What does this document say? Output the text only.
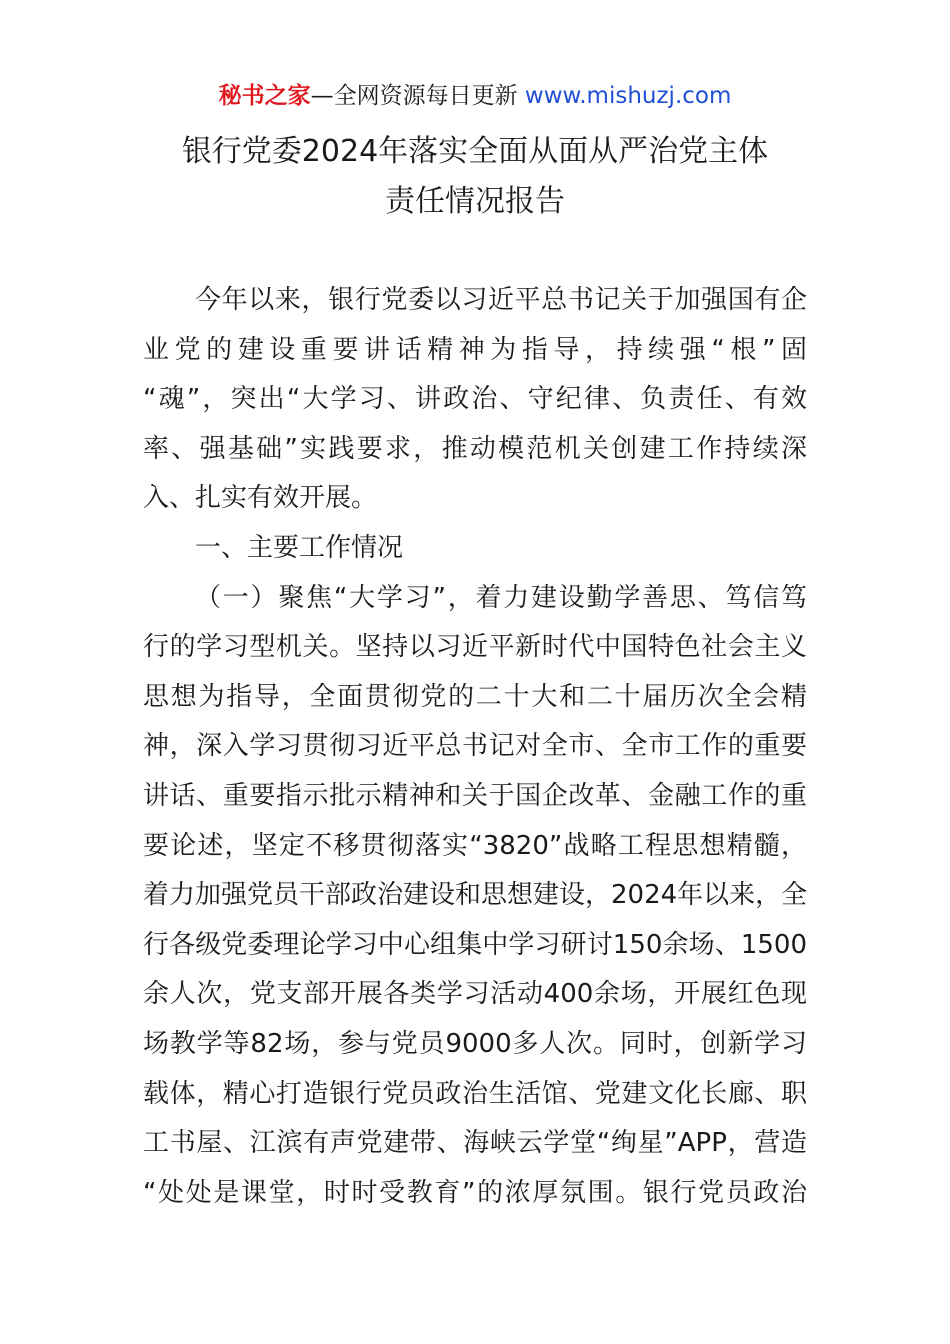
秘书之家—全网资源每日更新 www.mishuzj.com
银行党委2024年落实全面从面从严治党主体
责任情况报告
今年以来，银行党委以习近平总书记关于加强国有企
业党的建设重要讲话精神为指导，持续强“根”固
“魂”，突出“大学习、讲政治、守纪律、负责任、有效
率、强基础”实践要求，推动模范机关创建工作持续深
入、扎实有效开展。
一、主要工作情况
（一）聚焦“大学习”，着力建设勤学善思、笃信笃
行的学习型机关。坚持以习近平新时代中国特色社会主义
思想为指导，全面贯彻党的二十大和二十届历次全会精
神，深入学习贯彻习近平总书记对全市、全市工作的重要
讲话、重要指示批示精神和关于国企改革、金融工作的重
要论述，坚定不移贯彻落实“3820”战略工程思想精髓，
着力加强党员干部政治建设和思想建设，2024年以来，全
行各级党委理论学习中心组集中学习研讨150余场、1500
余人次，党支部开展各类学习活动400余场，开展红色现
场教学等82场，参与党员9000多人次。同时，创新学习
载体，精心打造银行党员政治生活馆、党建文化长廊、职
工书屋、江滨有声党建带、海峡云学堂“绚星”APP，营造
“处处是课堂，时时受教育”的浓厚氛围。银行党员政治
